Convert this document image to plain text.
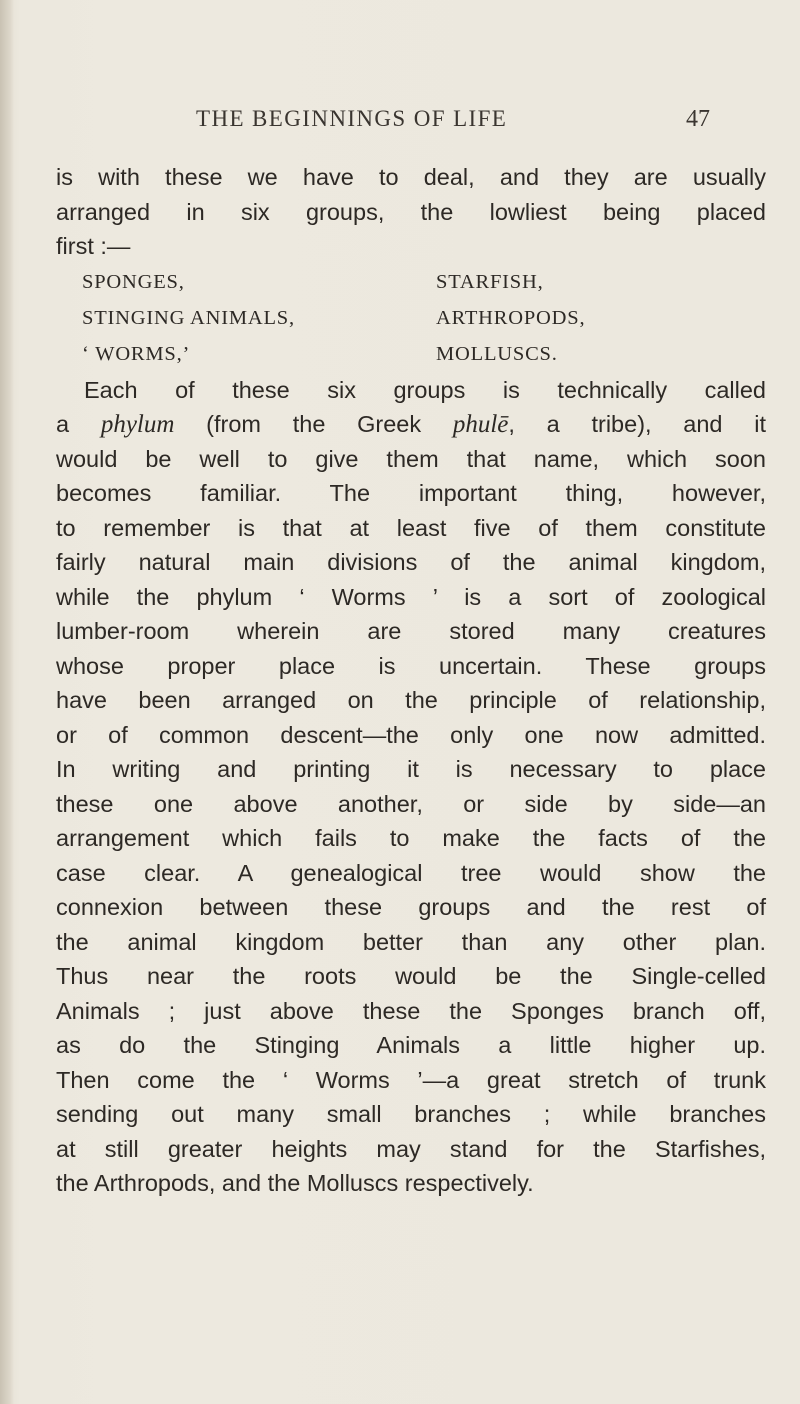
THE BEGINNINGS OF LIFE	47
is with these we have to deal, and they are usually
arranged in six groups, the lowliest being placed
first :—
SPONGES,
STINGING ANIMALS,
‘ WORMS,’
STARFISH,
ARTHROPODS,
MOLLUSCS.
Each of these six groups is technically called
a phylum (from the Greek phulē, a tribe), and it
would be well to give them that name, which soon
becomes familiar. The important thing, however,
to remember is that at least five of them constitute
fairly natural main divisions of the animal kingdom,
while the phylum ‘ Worms ’ is a sort of zoological
lumber-room wherein are stored many creatures
whose proper place is uncertain. These groups
have been arranged on the principle of relationship,
or of common descent—the only one now admitted.
In writing and printing it is necessary to place
these one above another, or side by side—an
arrangement which fails to make the facts of the
case clear. A genealogical tree would show the
connexion between these groups and the rest of
the animal kingdom better than any other plan.
Thus near the roots would be the Single-celled
Animals ; just above these the Sponges branch off,
as do the Stinging Animals a little higher up.
Then come the ‘ Worms ’—a great stretch of trunk
sending out many small branches ; while branches
at still greater heights may stand for the Starfishes,
the Arthropods, and the Molluscs respectively.
